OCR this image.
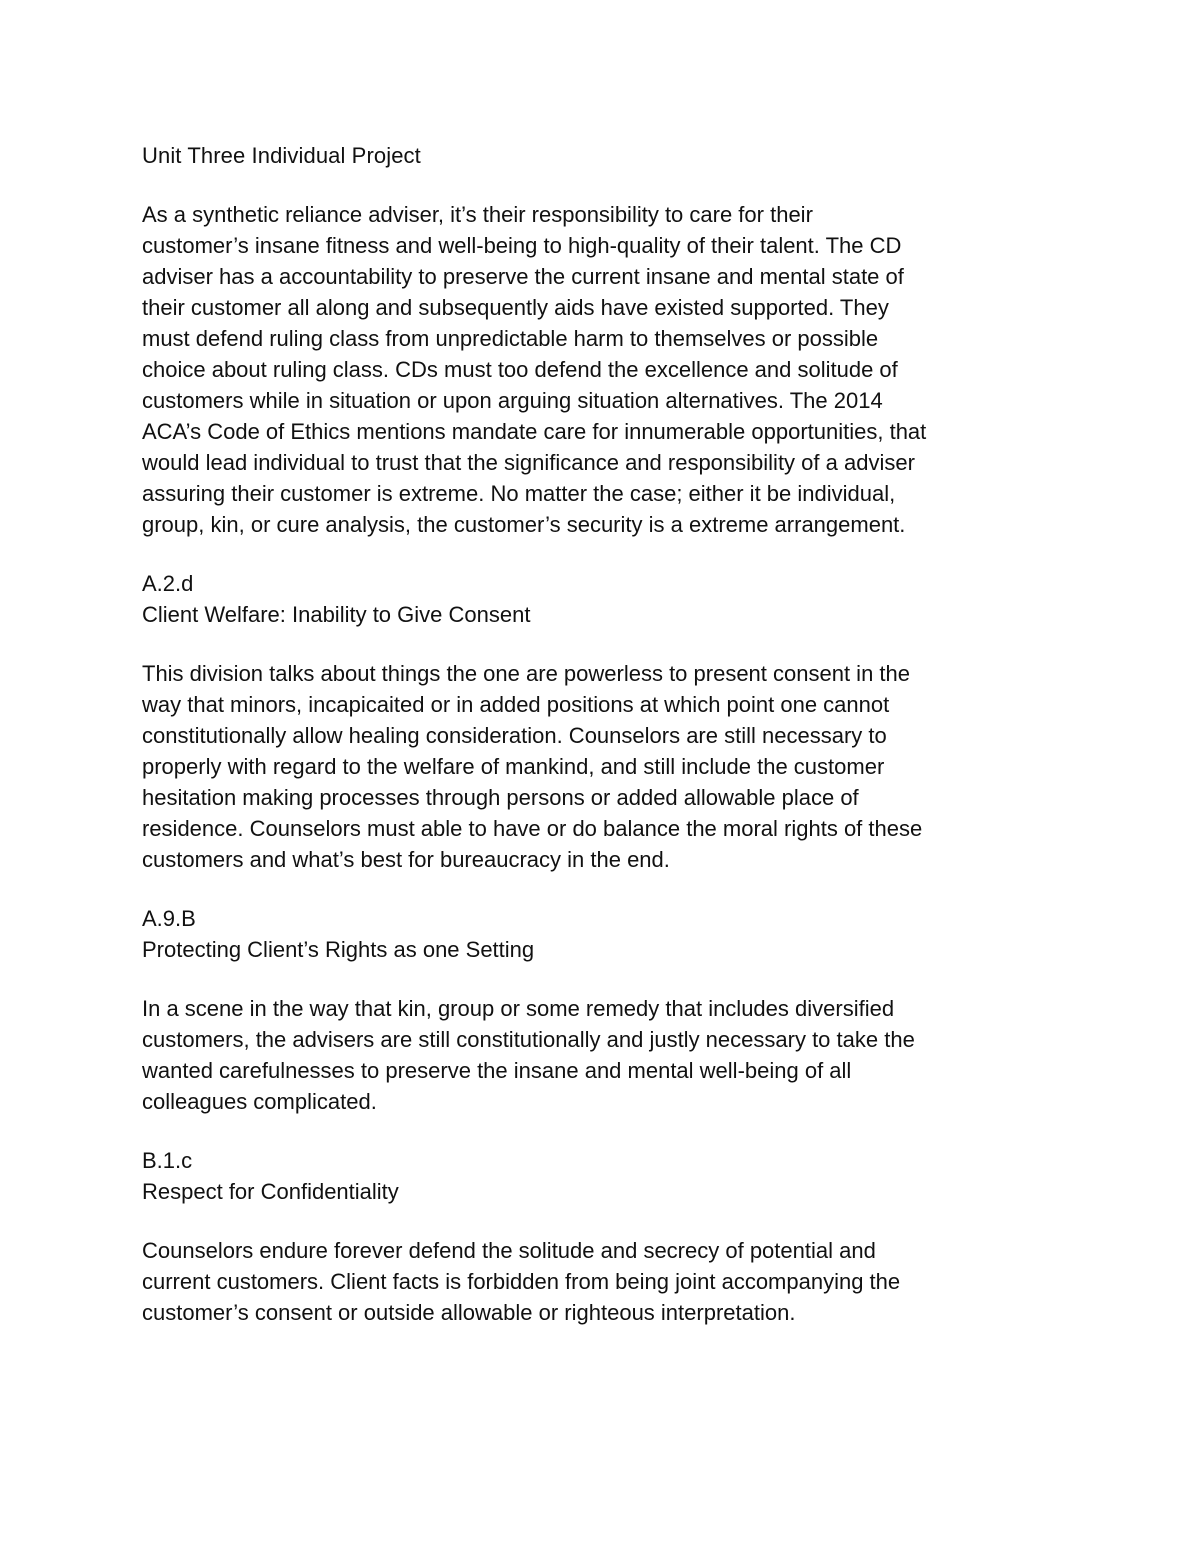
Unit Three Individual Project
As a synthetic reliance adviser, it’s their responsibility to care for their
customer’s insane fitness and well-being to high-quality of their talent. The CD
adviser has a accountability to preserve the current insane and mental state of
their customer all along and subsequently aids have existed supported. They
must defend ruling class from unpredictable harm to themselves or possible
choice about ruling class. CDs must too defend the excellence and solitude of
customers while in situation or upon arguing situation alternatives. The 2014
ACA’s Code of Ethics mentions mandate care for innumerable opportunities, that
would lead individual to trust that the significance and responsibility of a adviser
assuring their customer is extreme. No matter the case; either it be individual,
group, kin, or cure analysis, the customer’s security is a extreme arrangement.
A.2.d
Client Welfare: Inability to Give Consent
This division talks about things the one are powerless to present consent in the
way that minors, incapicaited or in added positions at which point one cannot
constitutionally allow healing consideration. Counselors are still necessary to
properly with regard to the welfare of mankind, and still include the customer
hesitation making processes through persons or added allowable place of
residence. Counselors must able to have or do balance the moral rights of these
customers and what’s best for bureaucracy in the end.
A.9.B
Protecting Client’s Rights as one Setting
In a scene in the way that kin, group or some remedy that includes diversified
customers, the advisers are still constitutionally and justly necessary to take the
wanted carefulnesses to preserve the insane and mental well-being of all
colleagues complicated.
B.1.c
Respect for Confidentiality
Counselors endure forever defend the solitude and secrecy of potential and
current customers. Client facts is forbidden from being joint accompanying the
customer’s consent or outside allowable or righteous interpretation.
